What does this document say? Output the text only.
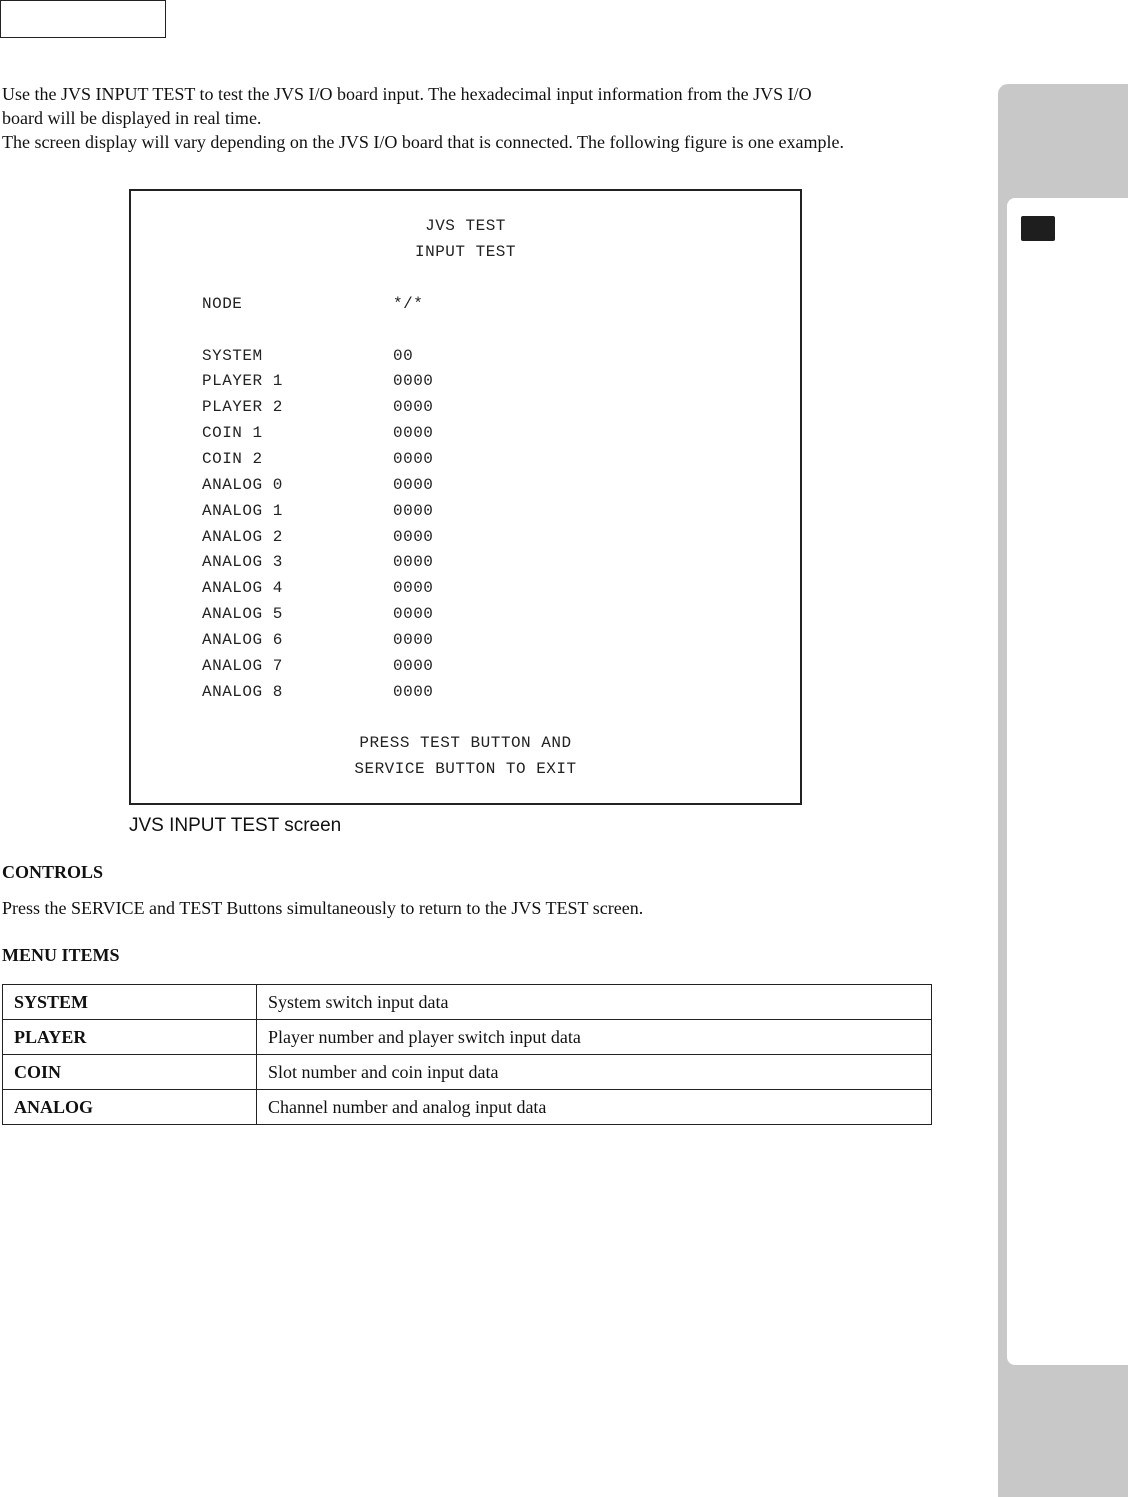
Use the JVS INPUT TEST to test the JVS I/O board input. The hexadecimal input information from the JVS I/O

board will be displayed in real time.

The screen display will vary depending on the JVS I/O board that is connected. The following figure is one example.

JVS TEST
INPUT TEST
NODE	*/*
SYSTEM	00
PLAYER 1	0000
PLAYER 2	0000
COIN 1	0000
COIN 2	0000
ANALOG 0	0000
ANALOG 1	0000
ANALOG 2	0000
ANALOG 3	0000
ANALOG 4	0000
ANALOG 5	0000
ANALOG 6	0000
ANALOG 7	0000
ANALOG 8	0000
PRESS TEST BUTTON AND
SERVICE BUTTON TO EXIT
JVS INPUT TEST screen
CONTROLS
Press the SERVICE and TEST Buttons simultaneously to return to the JVS TEST screen.
MENU ITEMS
SYSTEM	System switch input data
PLAYER	Player number and player switch input data
COIN	Slot number and coin input data
ANALOG	Channel number and analog input data
